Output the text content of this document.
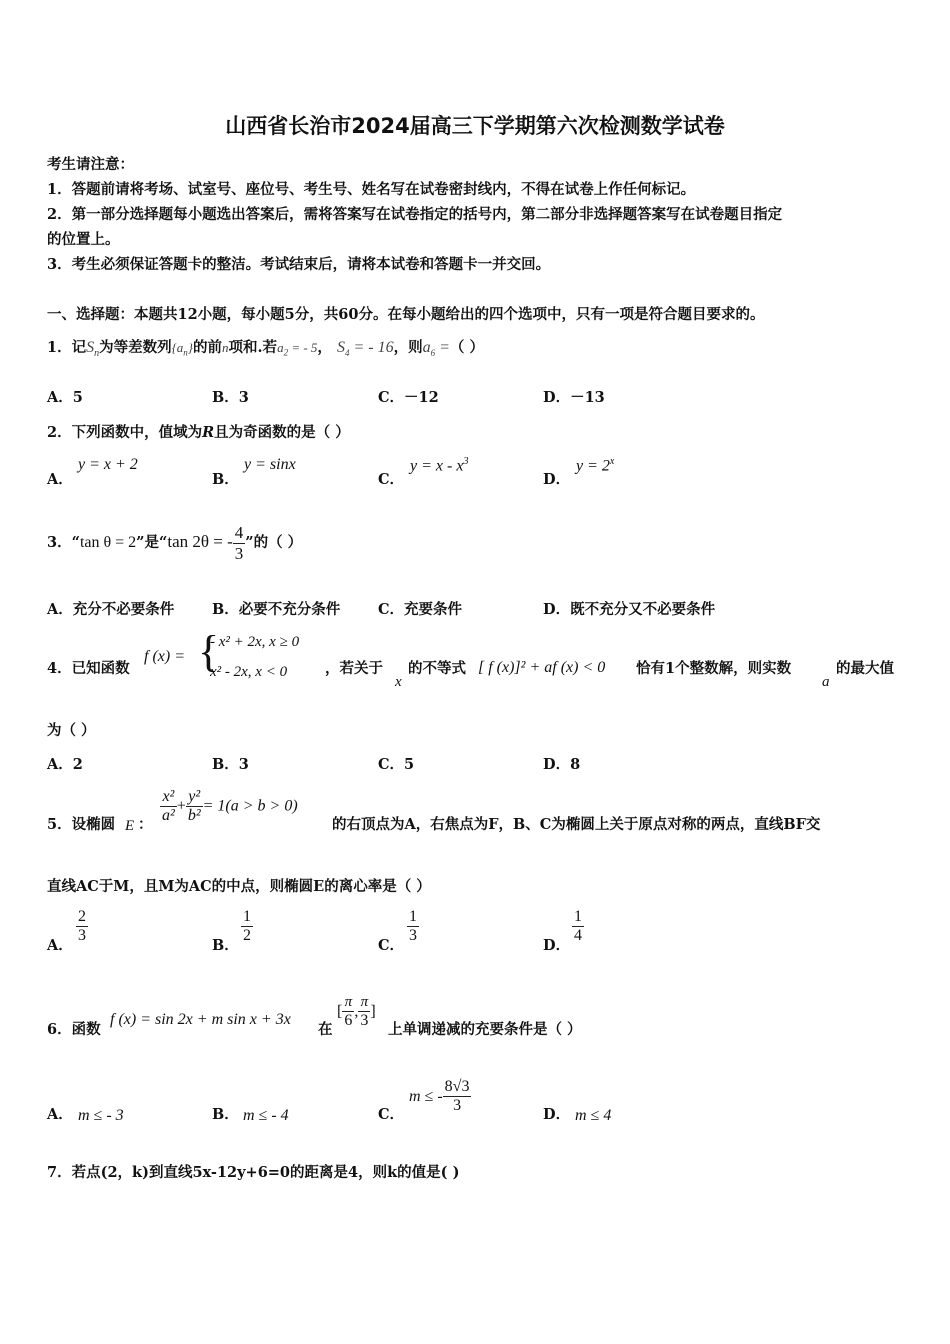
山西省长治市2024届高三下学期第六次检测数学试卷
考生请注意：
1．答题前请将考场、试室号、座位号、考生号、姓名写在试卷密封线内，不得在试卷上作任何标记。
2．第一部分选择题每小题选出答案后，需将答案写在试卷指定的括号内，第二部分非选择题答案写在试卷题目指定
的位置上。
3．考生必须保证答题卡的整洁。考试结束后，请将本试卷和答题卡一并交回。
一、选择题：本题共12小题，每小题5分，共60分。在每小题给出的四个选项中，只有一项是符合题目要求的。
1．记$S_n$为等差数列$\{a_n\}$的前n项和.若$a_2$ = - 5， $S_4$ = - 16，则$a_6$ =（ ）
A．5	B．3	C．－12	D．－13
2．下列函数中，值域为R且为奇函数的是（ ）
A．
y = x + 2
B．
y = sinx
C．
$y = x - x^3$
D．
$y = 2^x$
3．“tan θ = 2”是“tan 2θ = - $\frac{4}{3}$ ”的（ ）
A．充分不必要条件	B．必要不充分条件	C．充要条件	D．既不充分又不必要条件
4．已知函数
f (x) = {
- x² + 2x, x ≥ 0
x² - 2x, x < 0	，若关于
x
的不等式 [ f (x)]² + af (x) < 0 恰有1个整数解，则实数
a
的最大值
为（ ）
A．2	B．3	C．5	D．8
5．设椭圆 E ： $\frac{\text{x²}}{\text{a²}} + \frac{\text{y²}}{\text{b²}} = 1(a > b > 0)$
的右顶点为A，右焦点为F，B、C为椭圆上关于原点对称的两点，直线BF交
直线AC于M，且M为AC的中点，则椭圆E的离心率是（ ）
A． $\frac{2}{3}$	B． $\frac{1}{2}$	C． $\frac{1}{3}$	D． $\frac{1}{4}$
6．函数
f (x) = sin 2x + m sin x + 3x
在
[ $\frac{\pi}{6}$ , $\frac{\pi}{3}$ ]
上单调递减的充要条件是（ ）
A． m ≤ - 3	B． m ≤ - 4	C．
m ≤ - $\frac{8√3}{3}$	D． m ≤ 4
7．若点(2，k)到直线5x-12y+6=0的距离是4，则k的值是( )
